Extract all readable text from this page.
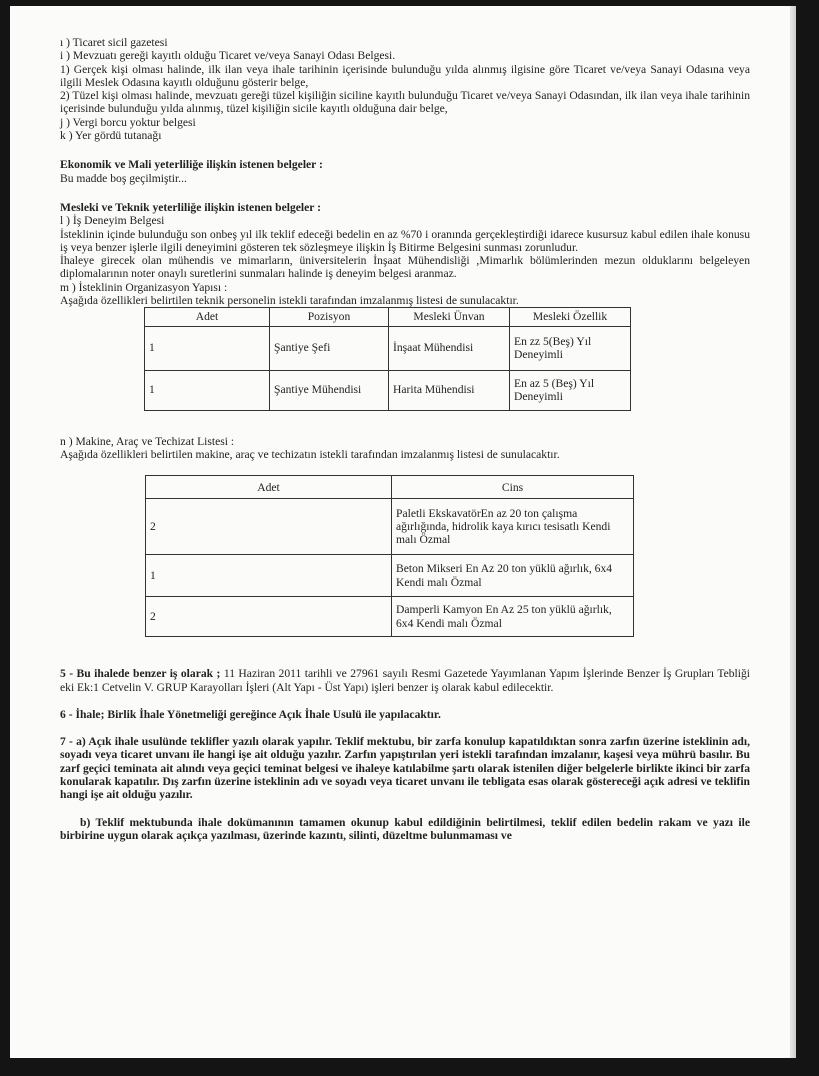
ı ) Ticaret sicil gazetesi
i ) Mevzuatı gereği kayıtlı olduğu Ticaret ve/veya Sanayi Odası Belgesi.
1) Gerçek kişi olması halinde, ilk ilan veya ihale tarihinin içerisinde bulunduğu yılda alınmış ilgisine göre Ticaret ve/veya Sanayi Odasına veya ilgili Meslek Odasına kayıtlı olduğunu gösterir belge,
2) Tüzel kişi olması halinde, mevzuatı gereği tüzel kişiliğin siciline kayıtlı bulunduğu Ticaret ve/veya Sanayi Odasından, ilk ilan veya ihale tarihinin içerisinde bulunduğu yılda alınmış, tüzel kişiliğin sicile kayıtlı olduğuna dair belge,
j ) Vergi borcu yoktur belgesi
k ) Yer gördü tutanağı
Ekonomik ve Mali yeterliliğe ilişkin istenen belgeler :
Bu madde boş geçilmiştir...
Mesleki ve Teknik yeterliliğe ilişkin istenen belgeler :
l ) İş Deneyim Belgesi
İsteklinin içinde bulunduğu son onbeş yıl ilk teklif edeceği bedelin en az %70 i oranında gerçekleştirdiği idarece kusursuz kabul edilen ihale konusu iş veya benzer işlerle ilgili deneyimini gösteren tek sözleşmeye ilişkin İş Bitirme Belgesini sunması zorunludur.
İhaleye girecek olan mühendis ve mimarların, üniversitelerin İnşaat Mühendisliği ,Mimarlık bölümlerinden mezun olduklarını belgeleyen diplomalarının noter onaylı suretlerini sunmaları halinde iş deneyim belgesi aranmaz.
m ) İsteklinin Organizasyon Yapısı :
Aşağıda özellikleri belirtilen teknik personelin istekli tarafından imzalanmış listesi de sunulacaktır.
Adet	Pozisyon	Mesleki Ünvan	Mesleki Özellik
1	Şantiye Şefi	İnşaat Mühendisi	En zz 5(Beş) Yıl Deneyimli
1	Şantiye Mühendisi	Harita Mühendisi	En az 5 (Beş) Yıl Deneyimli
n ) Makine, Araç ve Techizat Listesi :
Aşağıda özellikleri belirtilen makine, araç ve techizatın istekli tarafından imzalanmış listesi de sunulacaktır.
Adet	Cins
2	Paletli EkskavatörEn az 20 ton çalışma ağırlığında, hidrolik kaya kırıcı tesisatlı Kendi malı Özmal
1	Beton Mikseri En Az 20 ton yüklü ağırlık, 6x4 Kendi malı Özmal
2	Damperli Kamyon En Az 25 ton yüklü ağırlık, 6x4 Kendi malı Özmal
5 - Bu ihalede benzer iş olarak ; 11 Haziran 2011 tarihli ve 27961 sayılı Resmi Gazetede Yayımlanan Yapım İşlerinde Benzer İş Grupları Tebliği eki Ek:1 Cetvelin V. GRUP Karayolları İşleri (Alt Yapı - Üst Yapı) işleri benzer iş olarak kabul edilecektir.
6 - İhale; Birlik İhale Yönetmeliği gereğince Açık İhale Usulü ile yapılacaktır.
7 - a) Açık ihale usulünde teklifler yazılı olarak yapılır. Teklif mektubu, bir zarfa konulup kapatıldıktan sonra zarfın üzerine isteklinin adı, soyadı veya ticaret unvanı ile hangi işe ait olduğu yazılır. Zarfın yapıştırılan yeri istekli tarafından imzalanır, kaşesi veya mührü basılır. Bu zarf geçici teminata ait alındı veya geçici teminat belgesi ve ihaleye katılabilme şartı olarak istenilen diğer belgelerle birlikte ikinci bir zarfa konularak kapatılır. Dış zarfın üzerine isteklinin adı ve soyadı veya ticaret unvanı ile tebligata esas olarak göstereceği açık adresi ve teklifin hangi işe ait olduğu yazılır.
b) Teklif mektubunda ihale dokümanının tamamen okunup kabul edildiğinin belirtilmesi, teklif edilen bedelin rakam ve yazı ile birbirine uygun olarak açıkça yazılması, üzerinde kazıntı, silinti, düzeltme bulunmaması ve
